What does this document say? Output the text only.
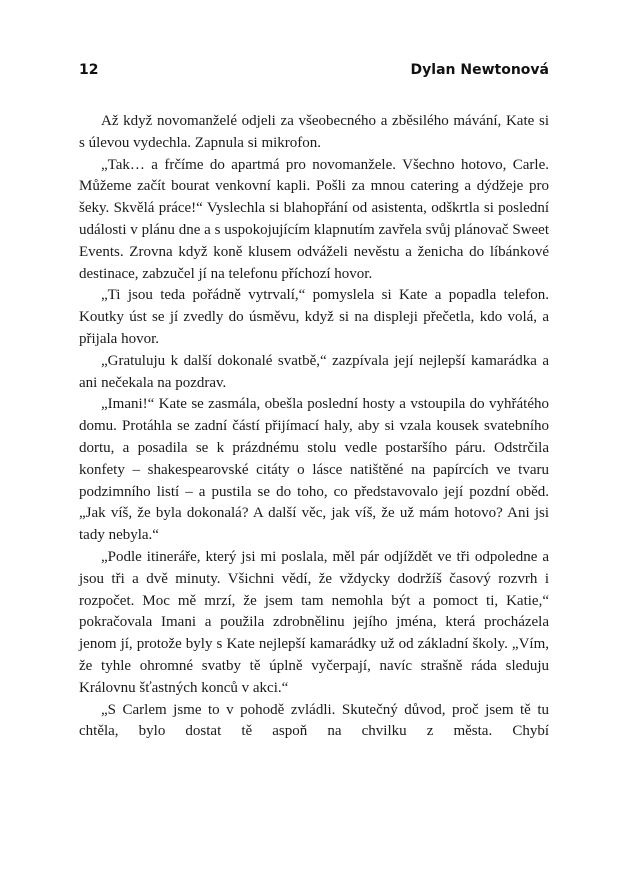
12	Dylan Newtonová

Až když novomanželé odjeli za všeobecného a zběsilého mávání, Kate si s úlevou vydechla. Zapnula si mikrofon.

„Tak… a frčíme do apartmá pro novomanžele. Všechno hotovo, Carle. Můžeme začít bourat venkovní kapli. Pošli za mnou catering a dýdžeje pro šeky. Skvělá práce!“ Vyslechla si blahopřání od asistenta, odškrtla si poslední události v plánu dne a s uspokojujícím klapnutím zavřela svůj plánovač Sweet Events. Zrovna když koně klusem odváželi nevěstu a ženicha do líbánkové destinace, zabzučel jí na telefonu příchozí hovor.

„Ti jsou teda pořádně vytrvalí,“ pomyslela si Kate a popadla telefon. Koutky úst se jí zvedly do úsměvu, když si na displeji přečetla, kdo volá, a přijala hovor.

„Gratuluju k další dokonalé svatbě,“ zazpívala její nejlepší kamarádka a ani nečekala na pozdrav.

„Imani!“ Kate se zasmála, obešla poslední hosty a vstoupila do vyhřátého domu. Protáhla se zadní částí přijímací haly, aby si vzala kousek svatebního dortu, a posadila se k prázdnému stolu vedle postaršího páru. Odstrčila konfety – shakespearovské citáty o lásce natištěné na papírcích ve tvaru podzimního listí – a pustila se do toho, co představovalo její pozdní oběd. „Jak víš, že byla dokonalá? A další věc, jak víš, že už mám hotovo? Ani jsi tady nebyla.“

„Podle itineráře, který jsi mi poslala, měl pár odjíždět ve tři odpoledne a jsou tři a dvě minuty. Všichni vědí, že vždycky dodržíš časový rozvrh i rozpočet. Moc mě mrzí, že jsem tam nemohla být a pomoct ti, Katie,“ pokračovala Imani a použila zdrobnělinu jejího jména, která procházela jenom jí, protože byly s Kate nejlepší kamarádky už od základní školy. „Vím, že tyhle ohromné svatby tě úplně vyčerpají, navíc strašně ráda sleduju Královnu šťastných konců v akci.“

„S Carlem jsme to v pohodě zvládli. Skutečný důvod, proč jsem tě tu chtěla, bylo dostat tě aspoň na chvilku z města. Chybí
